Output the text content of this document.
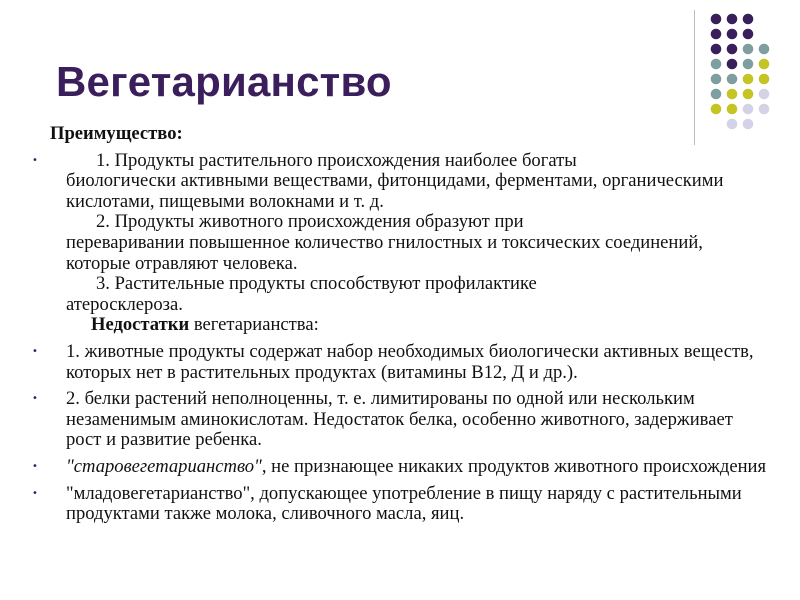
Вегетарианство

Преимущество:

• 1. Продукты растительного происхождения наиболее богаты
биологически активными веществами, фитонцидами, ферментами, органическими кислотами, пищевыми волокнами и т. д.
2. Продукты животного происхождения образуют при
переваривании повышенное количество гнилостных и токсических соединений, которые отравляют человека.
3. Растительные продукты способствуют профилактике
атеросклероза.
Недостатки вегетарианства:

• 1. животные продукты содержат набор необходимых биологически активных веществ, которых нет в растительных продуктах (витамины В12, Д и др.).

• 2. белки растений неполноценны, т. е. лимитированы по одной или нескольким незаменимым аминокислотам. Недостаток белка, особенно животного, задерживает рост и развитие ребенка.

• "старовегетарианство", не признающее никаких продуктов животного происхождения

• "младовегетарианство", допускающее употребление в пищу наряду с растительными продуктами также молока, сливочного масла, яиц.
